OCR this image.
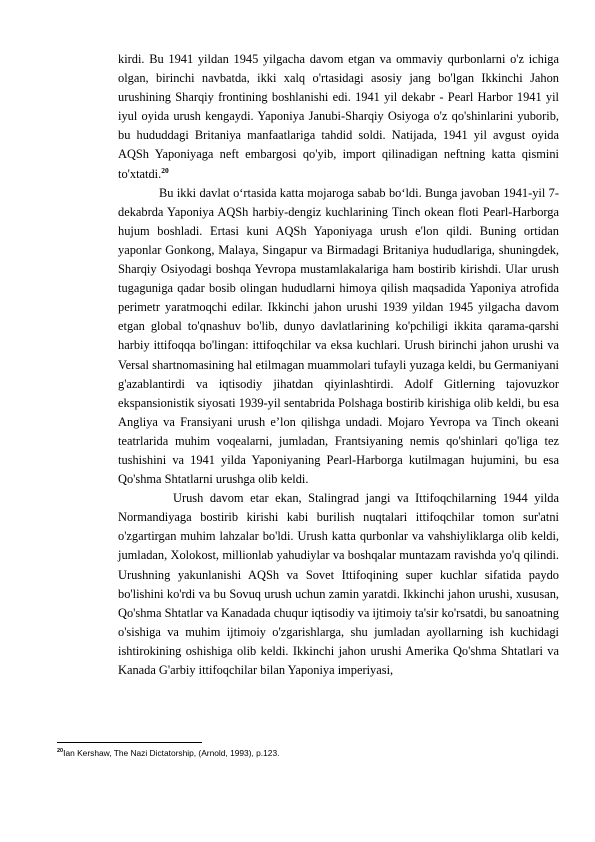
kirdi. Bu 1941 yildan 1945 yilgacha davom etgan va ommaviy qurbonlarni o'z ichiga olgan, birinchi navbatda, ikki xalq o'rtasidagi asosiy jang bo'lgan Ikkinchi Jahon urushining Sharqiy frontining boshlanishi edi. 1941 yil dekabr - Pearl Harbor 1941 yil iyul oyida urush kengaydi. Yaponiya Janubi-Sharqiy Osiyoga o'z qo'shinlarini yuborib, bu hududdagi Britaniya manfaatlariga tahdid soldi. Natijada, 1941 yil avgust oyida AQSh Yaponiyaga neft embargosi qo'yib, import qilinadigan neftning katta qismini to'xtatdi.$^{20}$

Bu ikki davlat o‘rtasida katta mojaroga sabab bo‘ldi. Bunga javoban 1941-yil 7-dekabrda Yaponiya AQSh harbiy-dengiz kuchlarining Tinch okean floti Pearl-Harborga hujum boshladi. Ertasi kuni AQSh Yaponiyaga urush e'lon qildi. Buning ortidan yaponlar Gonkong, Malaya, Singapur va Birmadagi Britaniya hududlariga, shuningdek, Sharqiy Osiyodagi boshqa Yevropa mustamlakalariga ham bostirib kirishdi. Ular urush tugaguniga qadar bosib olingan hududlarni himoya qilish maqsadida Yaponiya atrofida perimetr yaratmoqchi edilar. Ikkinchi jahon urushi 1939 yildan 1945 yilgacha davom etgan global to'qnashuv bo'lib, dunyo davlatlarining ko'pchiligi ikkita qarama-qarshi harbiy ittifoqqa bo'lingan: ittifoqchilar va eksa kuchlari. Urush birinchi jahon urushi va Versal shartnomasining hal etilmagan muammolari tufayli yuzaga keldi, bu Germaniyani g'azablantirdi va iqtisodiy jihatdan qiyinlashtirdi. Adolf Gitlerning tajovuzkor ekspansionistik siyosati 1939-yil sentabrida Polshaga bostirib kirishiga olib keldi, bu esa Angliya va Fransiyani urush e’lon qilishga undadi. Mojaro Yevropa va Tinch okeani teatrlarida muhim voqealarni, jumladan, Frantsiyaning nemis qo'shinlari qo'liga tez tushishini va 1941 yilda Yaponiyaning Pearl-Harborga kutilmagan hujumini, bu esa Qo'shma Shtatlarni urushga olib keldi.

Urush davom etar ekan, Stalingrad jangi va Ittifoqchilarning 1944 yilda Normandiyaga bostirib kirishi kabi burilish nuqtalari ittifoqchilar tomon sur'atni o'zgartirgan muhim lahzalar bo'ldi. Urush katta qurbonlar va vahshiyliklarga olib keldi, jumladan, Xolokost, millionlab yahudiylar va boshqalar muntazam ravishda yo'q qilindi. Urushning yakunlanishi AQSh va Sovet Ittifoqining super kuchlar sifatida paydo bo'lishini ko'rdi va bu Sovuq urush uchun zamin yaratdi. Ikkinchi jahon urushi, xususan, Qo'shma Shtatlar va Kanadada chuqur iqtisodiy va ijtimoiy ta'sir ko'rsatdi, bu sanoatning o'sishiga va muhim ijtimoiy o'zgarishlarga, shu jumladan ayollarning ish kuchidagi ishtirokining oshishiga olib keldi. Ikkinchi jahon urushi Amerika Qo'shma Shtatlari va Kanada G'arbiy ittifoqchilar bilan Yaponiya imperiyasi,

$^{20}$Ian Kershaw, The Nazi Dictatorship, (Arnold, 1993), p.123.
